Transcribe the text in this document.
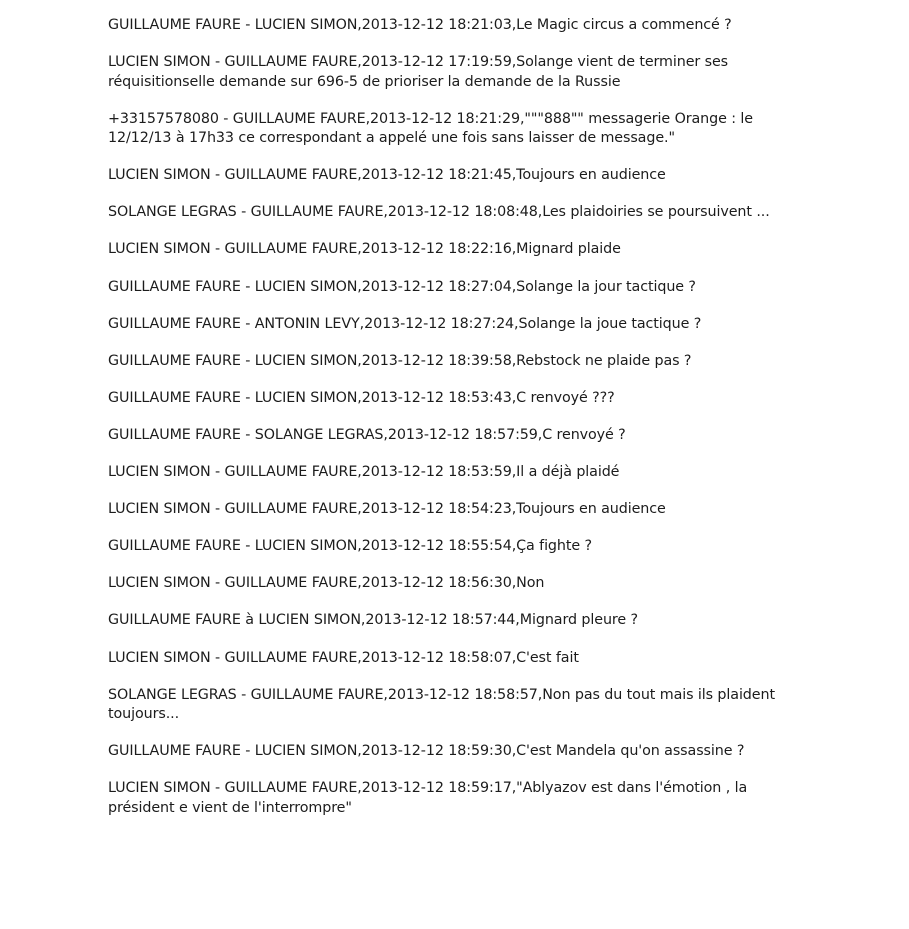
GUILLAUME FAURE - LUCIEN SIMON,2013-12-12 18:21:03,Le Magic circus a commencé ?

LUCIEN SIMON - GUILLAUME FAURE,2013-12-12 17:19:59,Solange vient de terminer ses réquisitionselle demande sur 696-5 de prioriser la demande de la Russie

+33157578080 - GUILLAUME FAURE,2013-12-12 18:21:29,"""888"" messagerie Orange : le 12/12/13 à 17h33 ce correspondant a appelé une fois sans laisser de message."

LUCIEN SIMON - GUILLAUME FAURE,2013-12-12 18:21:45,Toujours en audience

SOLANGE LEGRAS - GUILLAUME FAURE,2013-12-12 18:08:48,Les plaidoiries se poursuivent ...

LUCIEN SIMON - GUILLAUME FAURE,2013-12-12 18:22:16,Mignard plaide

GUILLAUME FAURE - LUCIEN SIMON,2013-12-12 18:27:04,Solange la jour tactique ?

GUILLAUME FAURE - ANTONIN LEVY,2013-12-12 18:27:24,Solange la joue tactique ?

GUILLAUME FAURE - LUCIEN SIMON,2013-12-12 18:39:58,Rebstock ne plaide pas ?

GUILLAUME FAURE - LUCIEN SIMON,2013-12-12 18:53:43,C renvoyé ???

GUILLAUME FAURE - SOLANGE LEGRAS,2013-12-12 18:57:59,C renvoyé ?

LUCIEN SIMON - GUILLAUME FAURE,2013-12-12 18:53:59,Il a déjà plaidé

LUCIEN SIMON - GUILLAUME FAURE,2013-12-12 18:54:23,Toujours en audience

GUILLAUME FAURE - LUCIEN SIMON,2013-12-12 18:55:54,Ça fighte ?

LUCIEN SIMON - GUILLAUME FAURE,2013-12-12 18:56:30,Non

GUILLAUME FAURE à LUCIEN SIMON,2013-12-12 18:57:44,Mignard pleure ?

LUCIEN SIMON - GUILLAUME FAURE,2013-12-12 18:58:07,C'est fait

SOLANGE LEGRAS - GUILLAUME FAURE,2013-12-12 18:58:57,Non pas du tout mais ils plaident toujours...

GUILLAUME FAURE - LUCIEN SIMON,2013-12-12 18:59:30,C'est Mandela qu'on assassine ?

LUCIEN SIMON - GUILLAUME FAURE,2013-12-12 18:59:17,"Ablyazov est dans l'émotion , la président e vient de l'interrompre"
